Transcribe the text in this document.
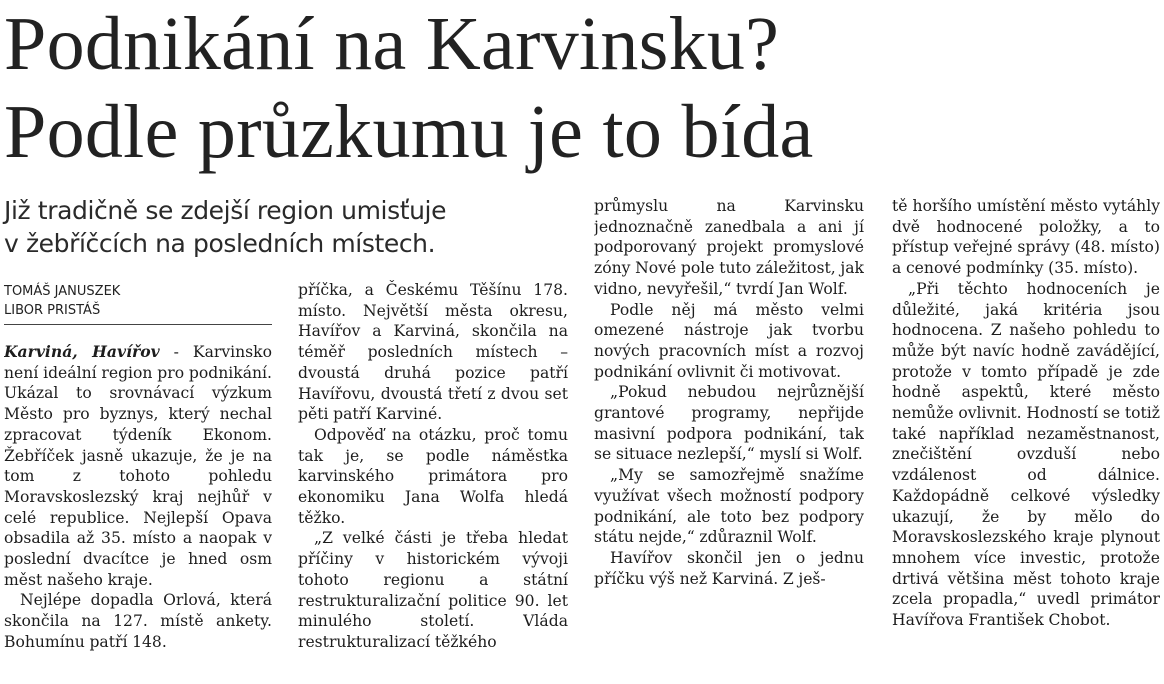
Podnikání na Karvinsku?
Podle průzkumu je to bída
Již tradičně se zdejší region umisťuje
v žebříčcích na posledních místech.
TOMÁŠ JANUSZEK
LIBOR PRISTÁŠ

Karviná, Havířov - Karvinsko není ideální region pro podnikání. Ukázal to srovnávací výzkum Město pro byznys, který nechal zpracovat týdeník Ekonom. Žebříček jasně ukazuje, že je na tom z tohoto pohledu Moravskoslezský kraj nejhůř v celé republice. Nejlepší Opava obsadila až 35. místo a naopak v poslední dvacítce je hned osm měst našeho kraje.

Nejlépe dopadla Orlová, která skončila na 127. místě ankety. Bohumínu patří 148.

příčka, a Českému Těšínu 178. místo. Největší města okresu, Havířov a Karviná, skončila na téměř posledních místech – dvoustá druhá pozice patří Havířovu, dvoustá třetí z dvou set pěti patří Karviné.

Odpověď na otázku, proč tomu tak je, se podle náměstka karvinského primátora pro ekonomiku Jana Wolfa hledá těžko.

„Z velké části je třeba hledat příčiny v historickém vývoji tohoto regionu a státní restrukturalizační politice 90. let minulého století. Vláda restrukturalizací těžkého

průmyslu na Karvinsku jednoznačně zanedbala a ani jí podporovaný projekt promyslové zóny Nové pole tuto záležitost, jak vidno, nevyřešil,“ tvrdí Jan Wolf.

Podle něj má město velmi omezené nástroje jak tvorbu nových pracovních míst a rozvoj podnikání ovlivnit či motivovat.

„Pokud nebudou nejrůznější grantové programy, nepřijde masivní podpora podnikání, tak se situace nezlepší,“ myslí si Wolf.

„My se samozřejmě snažíme využívat všech možností podpory podnikání, ale toto bez podpory státu nejde,“ zdůraznil Wolf.

Havířov skončil jen o jednu příčku výš než Karviná. Z ješ-

tě horšího umístění město vytáhly dvě hodnocené položky, a to přístup veřejné správy (48. místo) a cenové podmínky (35. místo).

„Při těchto hodnoceních je důležité, jaká kritéria jsou hodnocena. Z našeho pohledu to může být navíc hodně zavádějící, protože v tomto případě je zde hodně aspektů, které město nemůže ovlivnit. Hodností se totiž také například nezaměstnanost, znečištění ovzduší nebo vzdálenost od dálnice. Každopádně celkové výsledky ukazují, že by mělo do Moravskoslezského kraje plynout mnohem více investic, protože drtivá většina měst tohoto kraje zcela propadla,“ uvedl primátor Havířova František Chobot.
